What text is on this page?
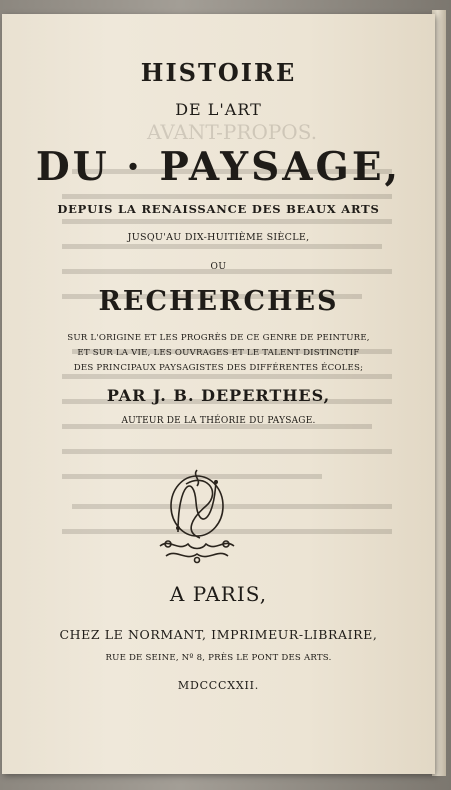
AVANT-PROPOS.
HISTOIRE
DE L'ART
DU · PAYSAGE,
DEPUIS LA RENAISSANCE DES BEAUX ARTS
JUSQU'AU DIX-HUITIÈME SIÈCLE,
OU
RECHERCHES
SUR L'ORIGINE ET LES PROGRÈS DE CE GENRE DE PEINTURE,
ET SUR LA VIE, LES OUVRAGES ET LE TALENT DISTINCTIF
DES PRINCIPAUX PAYSAGISTES DES DIFFÉRENTES ÉCOLES;
PAR J. B. DEPERTHES,
AUTEUR DE LA THÉORIE DU PAYSAGE.
A PARIS,
CHEZ LE NORMANT, IMPRIMEUR-LIBRAIRE,
RUE DE SEINE, Nº 8, PRÈS LE PONT DES ARTS.
MDCCCXXII.
